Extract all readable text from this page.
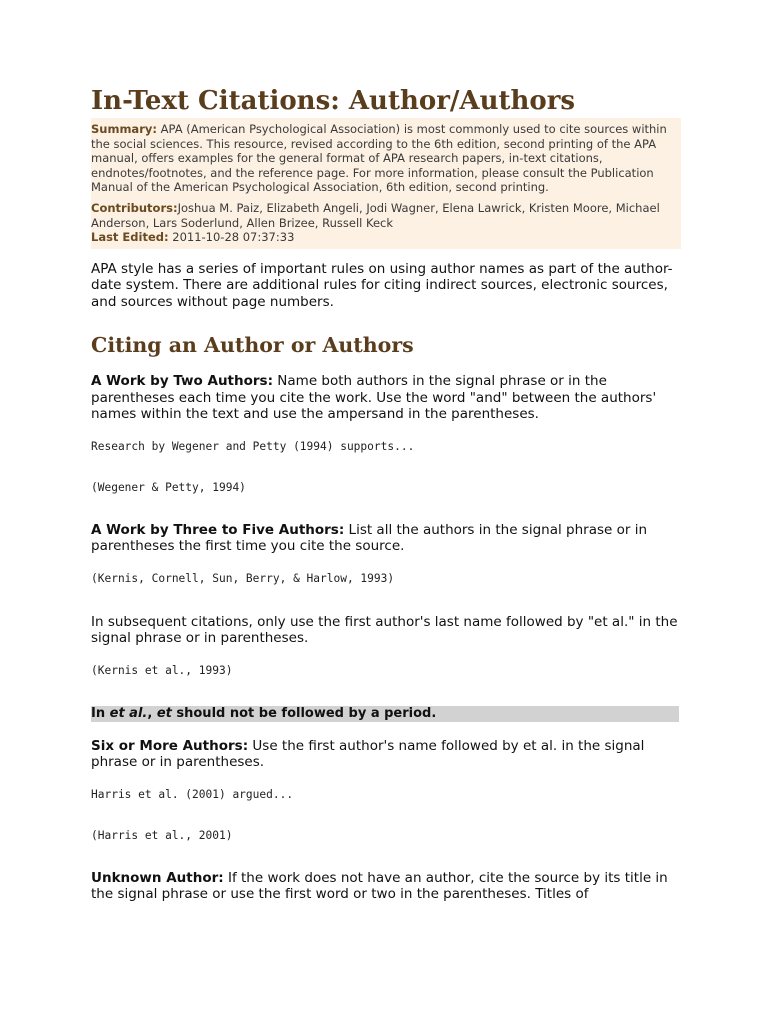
In-Text Citations: Author/Authors

Summary: APA (American Psychological Association) is most commonly used to cite sources within the social sciences. This resource, revised according to the 6th edition, second printing of the APA manual, offers examples for the general format of APA research papers, in-text citations, endnotes/footnotes, and the reference page. For more information, please consult the Publication Manual of the American Psychological Association, 6th edition, second printing.

Contributors:Joshua M. Paiz, Elizabeth Angeli, Jodi Wagner, Elena Lawrick, Kristen Moore, Michael Anderson, Lars Soderlund, Allen Brizee, Russell Keck

Last Edited: 2011-10-28 07:37:33

APA style has a series of important rules on using author names as part of the author-date system. There are additional rules for citing indirect sources, electronic sources, and sources without page numbers.

Citing an Author or Authors

A Work by Two Authors: Name both authors in the signal phrase or in the parentheses each time you cite the work. Use the word "and" between the authors' names within the text and use the ampersand in the parentheses.

Research by Wegener and Petty (1994) supports...

(Wegener & Petty, 1994)

A Work by Three to Five Authors: List all the authors in the signal phrase or in parentheses the first time you cite the source.

(Kernis, Cornell, Sun, Berry, & Harlow, 1993)

In subsequent citations, only use the first author's last name followed by "et al." in the signal phrase or in parentheses.

(Kernis et al., 1993)

In et al., et should not be followed by a period.

Six or More Authors: Use the first author's name followed by et al. in the signal phrase or in parentheses.

Harris et al. (2001) argued...

(Harris et al., 2001)

Unknown Author: If the work does not have an author, cite the source by its title in the signal phrase or use the first word or two in the parentheses. Titles of
